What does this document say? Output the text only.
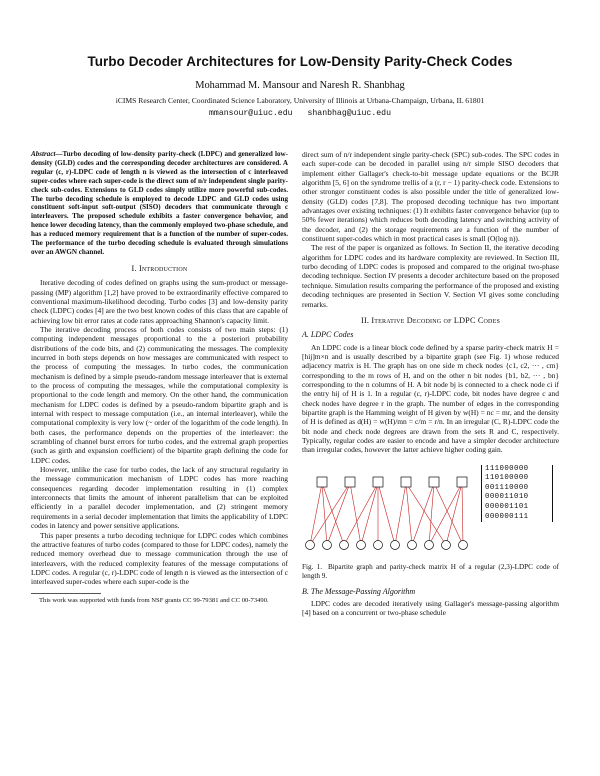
Turbo Decoder Architectures for Low-Density Parity-Check Codes
Mohammad M. Mansour and Naresh R. Shanbhag
iCIMS Research Center, Coordinated Science Laboratory, University of Illinois at Urbana-Champaign, Urbana, IL 61801
mmansour@uiuc.edu shanbhag@uiuc.edu
Abstract—Turbo decoding of low-density parity-check (LDPC) and generalized low-density (GLD) codes and the corresponding decoder architectures are considered. A regular (c, r)-LDPC code of length n is viewed as the intersection of c interleaved super-codes where each super-code is the direct sum of n/r independent single parity-check sub-codes. Extensions to GLD codes simply utilize more powerful sub-codes. The turbo decoding schedule is employed to decode LDPC and GLD codes using constituent soft-input soft-output (SISO) decoders that communicate through c interleavers. The proposed schedule exhibits a faster convergence behavior, and hence lower decoding latency, than the commonly employed two-phase schedule, and has a reduced memory requirement that is a function of the number of super-codes. The performance of the turbo decoding schedule is evaluated through simulations over an AWGN channel.
I. Introduction

Iterative decoding of codes defined on graphs using the sum-product or message-passing (MP) algorithm [1,2] have proved to be extraordinarily effective compared to conventional maximum-likelihood decoding. Turbo codes [3] and low-density parity check (LDPC) codes [4] are the two best known codes of this class that are capable of achieving low bit error rates at code rates approaching Shannon's capacity limit.

The iterative decoding process of both codes consists of two main steps: (1) computing independent messages proportional to the a posteriori probability distributions of the code bits, and (2) communicating the messages. The complexity incurred in both steps depends on how messages are communicated with respect to the process of computing the messages. In turbo codes, the communication mechanism is defined by a simple pseudo-random message interleaver that is external to the process of computing the messages, while the computational complexity is proportional to the code length and memory. On the other hand, the communication mechanism for LDPC codes is defined by a pseudo-random bipartite graph and is internal with respect to message computation (i.e., an internal interleaver), while the computational complexity is very low (~ order of the logarithm of the code length). In both cases, the performance depends on the properties of the interleaver: the scrambling of channel burst errors for turbo codes, and the extremal graph properties (such as girth and expansion coefficient) of the bipartite graph defining the code for LDPC codes.

However, unlike the case for turbo codes, the lack of any structural regularity in the message communication mechanism of LDPC codes has more reaching consequences regarding decoder implementation resulting in (1) complex interconnects that limits the amount of inherent parallelism that can be exploited efficiently in a parallel decoder implementation, and (2) stringent memory requirements in a serial decoder implementation that limits the applicability of LDPC codes in latency and power sensitive applications.

This paper presents a turbo decoding technique for LDPC codes which combines the attractive features of turbo codes (compared to those for LDPC codes), namely the reduced memory overhead due to message communication through the use of interleavers, with the reduced complexity features of the message computations of LDPC codes. A regular (c, r)-LDPC code of length n is viewed as the intersection of c interleaved super-codes where each super-code is the

This work was supported with funds from NSF grants CC 99-79381 and CC 00-73490.

direct sum of n/r independent single parity-check (SPC) sub-codes. The SPC codes in each super-code can be decoded in parallel using n/r simple SISO decoders that implement either Gallager's check-to-bit message update equations or the BCJR algorithm [5, 6] on the syndrome trellis of a (r, r − 1) parity-check code. Extensions to other stronger constituent codes is also possible under the title of generalized low-density (GLD) codes [7,8]. The proposed decoding technique has two important advantages over existing techniques: (1) It exhibits faster convergence behavior (up to 50% fewer iterations) which reduces both decoding latency and switching activity of the decoder, and (2) the storage requirements are a function of the number of constituent super-codes which in most practical cases is small (O(log n)).

The rest of the paper is organized as follows. In Section II, the iterative decoding algorithm for LDPC codes and its hardware complexity are reviewed. In Section III, turbo decoding of LDPC codes is proposed and compared to the original two-phase decoding technique. Section IV presents a decoder architecture based on the proposed technique. Simulation results comparing the performance of the proposed and existing decoding techniques are presented in Section V. Section VI gives some concluding remarks.

II. Iterative Decoding of LDPC Codes
A. LDPC Codes

An LDPC code is a linear block code defined by a sparse parity-check matrix H = [hij]m×n and is usually described by a bipartite graph (see Fig. 1) whose reduced adjacency matrix is H. The graph has on one side m check nodes {c1, c2, ··· , cm} corresponding to the m rows of H, and on the other n bit nodes {b1, b2, ··· , bn} corresponding to the n columns of H. A bit node bj is connected to a check node ci if the entry hij of H is 1. In a regular (c, r)-LDPC code, bit nodes have degree c and check nodes have degree r in the graph. The number of edges in the corresponding bipartite graph is the Hamming weight of H given by w(H) = nc = mr, and the density of H is defined as d(H) = w(H)/mn = c/m = r/n. In an irregular (C, R)-LDPC code the bit node and check node degrees are drawn from the sets R and C, respectively. Typically, regular codes are easier to encode and have a simpler decoder architecture than irregular codes, however the latter achieve higher coding gain.

111000000
110100000
001110000
000011010
000001101
000000111
Fig. 1. Bipartite graph and parity-check matrix H of a regular (2,3)-LDPC code of length 9.
B. The Message-Passing Algorithm

LDPC codes are decoded iteratively using Gallager's message-passing algorithm [4] based on a concurrent or two-phase schedule
